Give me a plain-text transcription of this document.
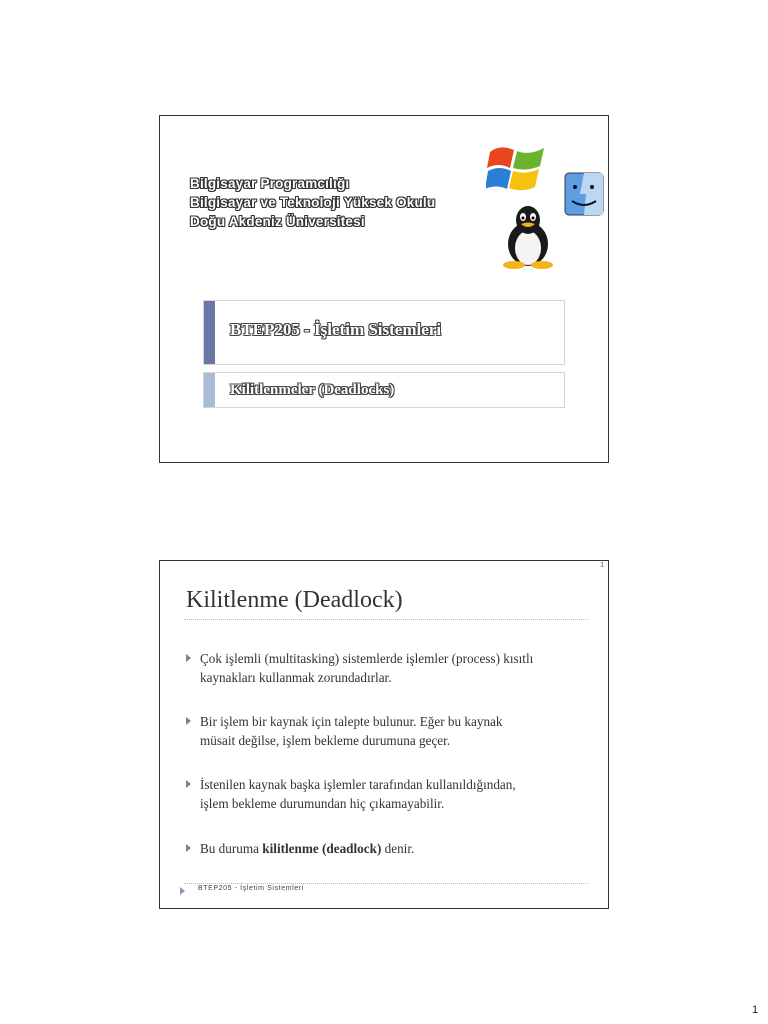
Bilgisayar Programcılığı
Bilgisayar ve Teknoloji Yüksek Okulu
Doğu Akdeniz Üniversitesi
BTEP205 - İşletim Sistemleri
Kilitlenmeler (Deadlocks)
1
Kilitlenme (Deadlock)
Çok işlemli (multitasking) sistemlerde işlemler (process) kısıtlı
kaynakları kullanmak zorundadırlar.
Bir işlem bir kaynak için talepte bulunur. Eğer bu kaynak
müsait değilse, işlem bekleme durumuna geçer.
İstenilen kaynak başka işlemler tarafından kullanıldığından,
işlem bekleme durumundan hiç çıkamayabilir.
Bu duruma kilitlenme (deadlock) denir.
BTEP205 - İşletim Sistemleri
1
